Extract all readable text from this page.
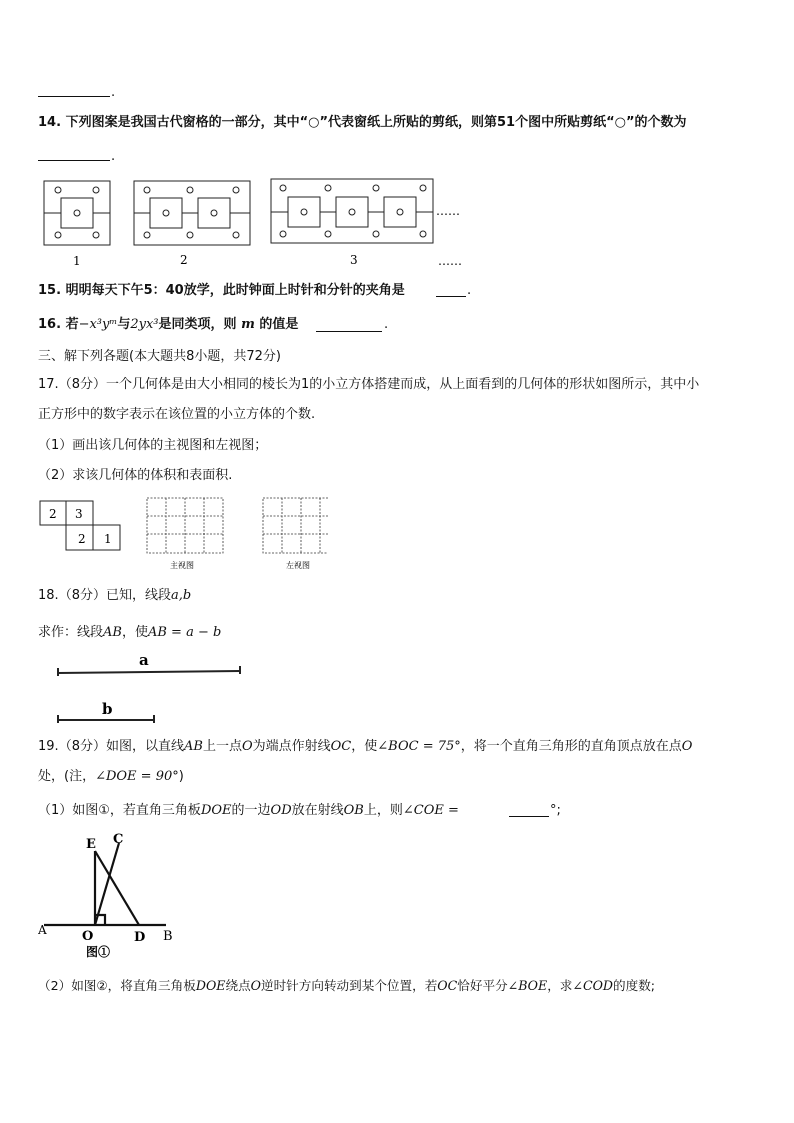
.
14. 下列图案是我国古代窗格的一部分，其中“○”代表窗纸上所贴的剪纸，则第51个图中所贴剪纸“○”的个数为
.
1	2	3
……
……
15. 明明每天下午5：40放学，此时钟面上时针和分针的夹角是	.
16. 若−x³yᵐ与2yx³是同类项，则 m 的值是	.
三、解下列各题(本大题共8小题，共72分)
17.（8分）一个几何体是由大小相同的棱长为1的小立方体搭建而成，从上面看到的几何体的形状如图所示，其中小
正方形中的数字表示在该位置的小立方体的个数.
（1）画出该几何体的主视图和左视图；
（2）求该几何体的体积和表面积.
2 3
2 1
主视图	左视图
18.（8分）已知，线段a,b
求作：线段AB，使AB = a − b
a
b
19.（8分）如图，以直线AB上一点O为端点作射线OC，使∠BOC = 75°，将一个直角三角形的直角顶点放在点O
处，(注，∠DOE = 90°)
（1）如图①，若直角三角板DOE的一边OD放在射线OB上，则∠COE =	°;
E C
A	O	D B
图①
（2）如图②，将直角三角板DOE绕点O逆时针方向转动到某个位置，若OC恰好平分∠BOE，求∠COD的度数;
